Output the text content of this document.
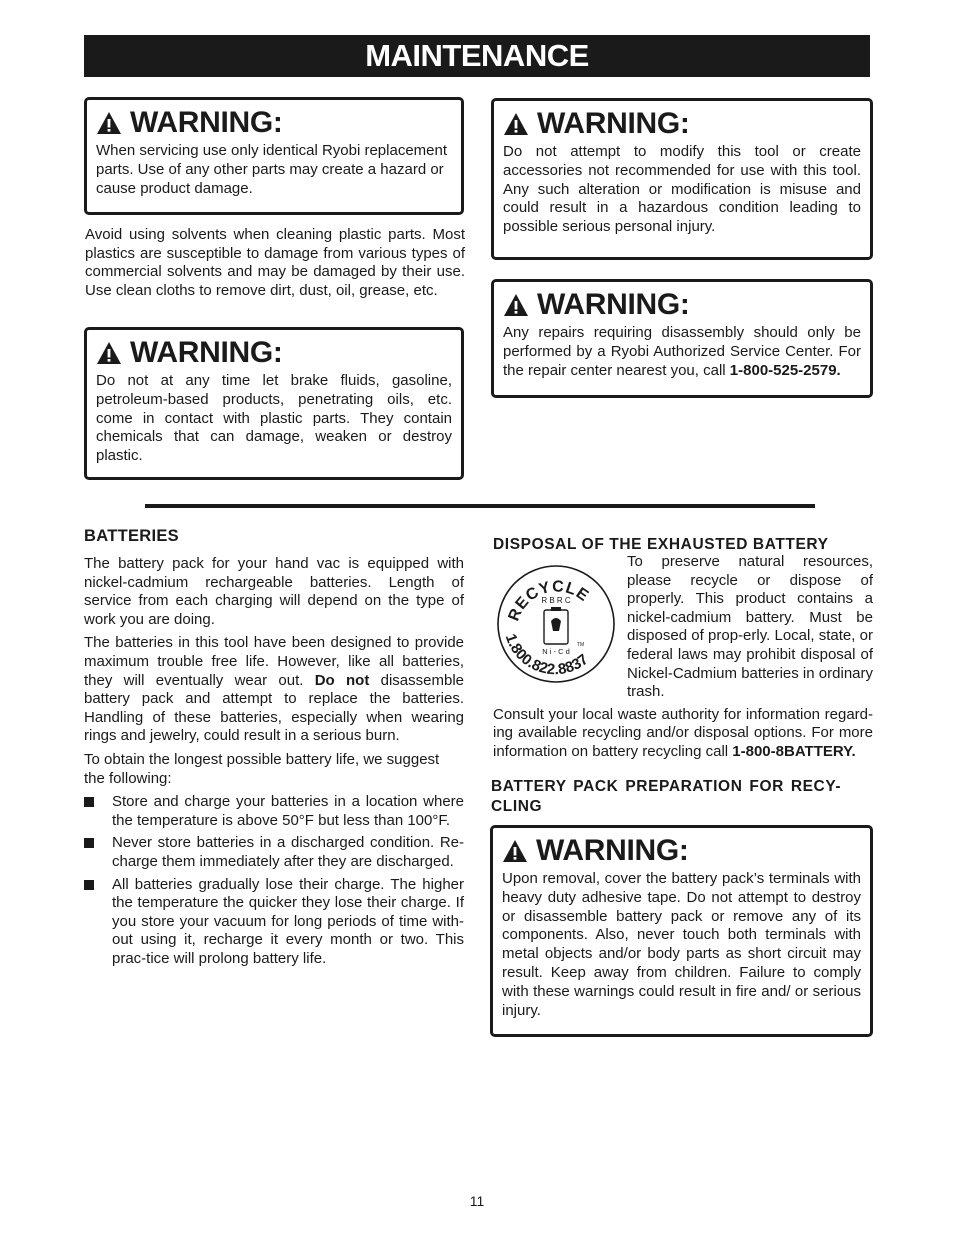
MAINTENANCE
WARNING:
When servicing use only identical Ryobi replacement parts. Use of any other parts may create a hazard or cause product damage.
Avoid using solvents when cleaning plastic parts. Most plastics are susceptible to damage from various types of commercial solvents and may be damaged by their use. Use clean cloths to remove dirt, dust, oil, grease, etc.
WARNING:
Do not at any time let brake fluids, gasoline, petroleum-based products, penetrating oils, etc. come in contact with plastic parts. They contain chemicals that can damage, weaken or destroy plastic.
WARNING:
Do not attempt to modify this tool or create accessories not recommended for use with this tool. Any such alteration or modification is misuse and could result in a hazardous condition leading to possible serious personal injury.
WARNING:
Any repairs requiring disassembly should only be performed by a Ryobi Authorized Service Center. For the repair center nearest you, call 1-800-525-2579.
BATTERIES
The battery pack for your hand vac is equipped with nickel-cadmium rechargeable batteries. Length of service from each charging will depend on the type of work you are doing.
The batteries in this tool have been designed to provide maximum trouble free life. However, like all batteries, they will eventually wear out. Do not disassemble battery pack and attempt to replace the batteries. Handling of these batteries, especially when wearing rings and jewelry, could result in a serious burn.
To obtain the longest possible battery life, we suggest the following:
Store and charge your batteries in a location where the temperature is above 50°F but less than 100°F.
Never store batteries in a discharged condition. Re-charge them immediately after they are discharged.
All batteries gradually lose their charge. The higher the temperature the quicker they lose their charge. If you store your vacuum for long periods of time with-out using it, recharge it every month or two. This prac-tice will prolong battery life.
DISPOSAL OF THE EXHAUSTED BATTERY
RECYCLE
R B R C
N i - C d
TM
1.800.822.8837
To preserve natural resources, please recycle or dispose of properly. This product contains a nickel-cadmium battery. Must be disposed of prop-erly. Local, state, or federal laws may prohibit disposal of Nickel-Cadmium batteries in ordinary trash.
Consult your local waste authority for information regard-ing available recycling and/or disposal options. For more information on battery recycling call 1-800-8BATTERY.
BATTERY PACK PREPARATION FOR RECY-CLING
WARNING:
Upon removal, cover the battery pack’s terminals with heavy duty adhesive tape. Do not attempt to destroy or disassemble battery pack or remove any of its components. Also, never touch both terminals with metal objects and/or body parts as short circuit may result. Keep away from children. Failure to comply with these warnings could result in fire and/ or serious injury.
11
